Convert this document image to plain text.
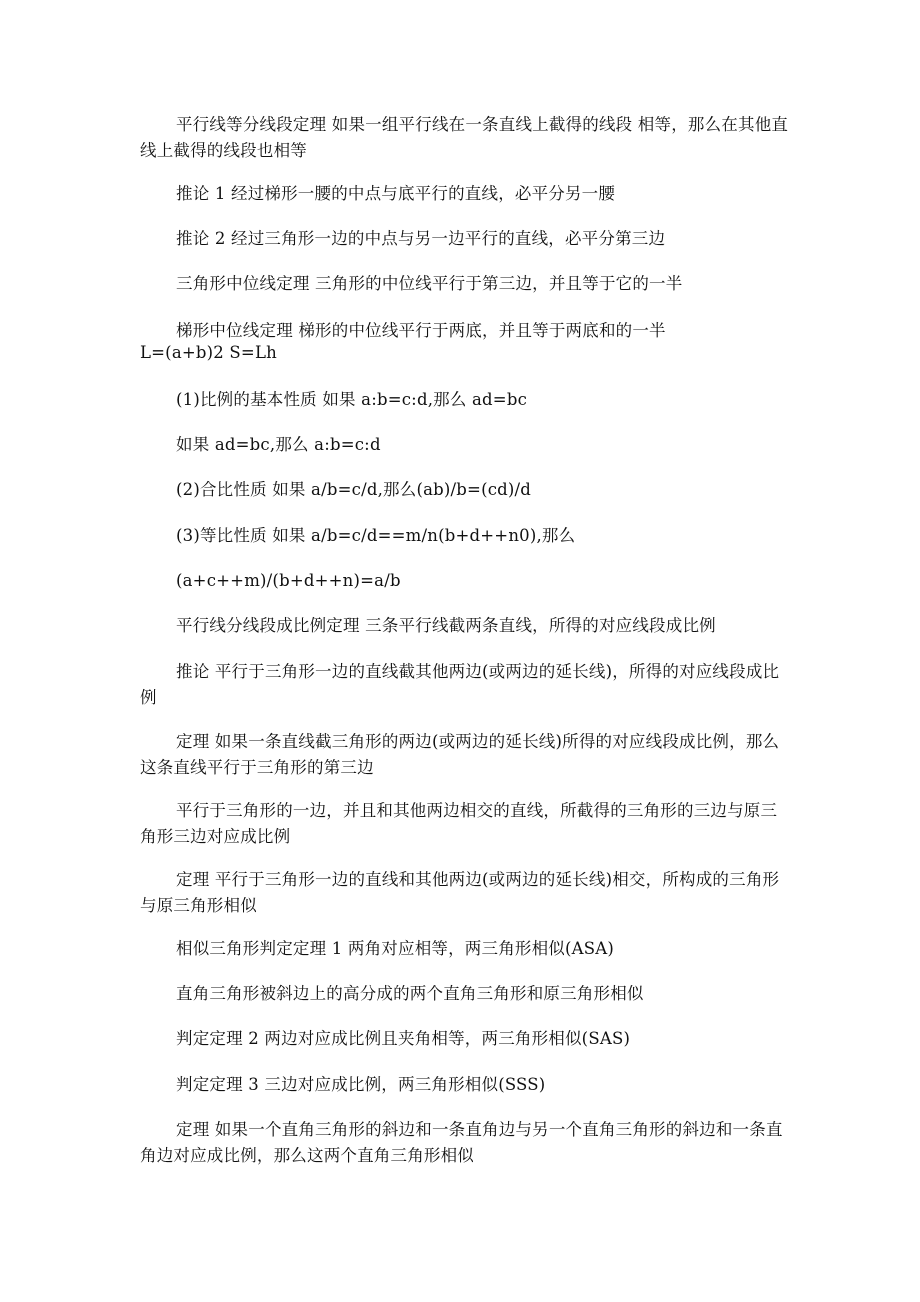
平行线等分线段定理 如果一组平行线在一条直线上截得的线段 相等，那么在其他直线上截得的线段也相等

推论 1 经过梯形一腰的中点与底平行的直线，必平分另一腰

推论 2 经过三角形一边的中点与另一边平行的直线，必平分第三边

三角形中位线定理 三角形的中位线平行于第三边，并且等于它的一半

梯形中位线定理 梯形的中位线平行于两底，并且等于两底和的一半

L=(a+b)2 S=Lh

(1)比例的基本性质 如果 a:b=c:d,那么 ad=bc

如果 ad=bc,那么 a:b=c:d

(2)合比性质 如果 a/b=c/d,那么(ab)/b=(cd)/d

(3)等比性质 如果 a/b=c/d==m/n(b+d++n0),那么

(a+c++m)/(b+d++n)=a/b

平行线分线段成比例定理 三条平行线截两条直线，所得的对应线段成比例

推论 平行于三角形一边的直线截其他两边(或两边的延长线)，所得的对应线段成比例

定理 如果一条直线截三角形的两边(或两边的延长线)所得的对应线段成比例，那么这条直线平行于三角形的第三边

平行于三角形的一边，并且和其他两边相交的直线，所截得的三角形的三边与原三角形三边对应成比例

定理 平行于三角形一边的直线和其他两边(或两边的延长线)相交，所构成的三角形与原三角形相似

相似三角形判定定理 1 两角对应相等，两三角形相似(ASA)

直角三角形被斜边上的高分成的两个直角三角形和原三角形相似

判定定理 2 两边对应成比例且夹角相等，两三角形相似(SAS)

判定定理 3 三边对应成比例，两三角形相似(SSS)

定理 如果一个直角三角形的斜边和一条直角边与另一个直角三角形的斜边和一条直角边对应成比例，那么这两个直角三角形相似
